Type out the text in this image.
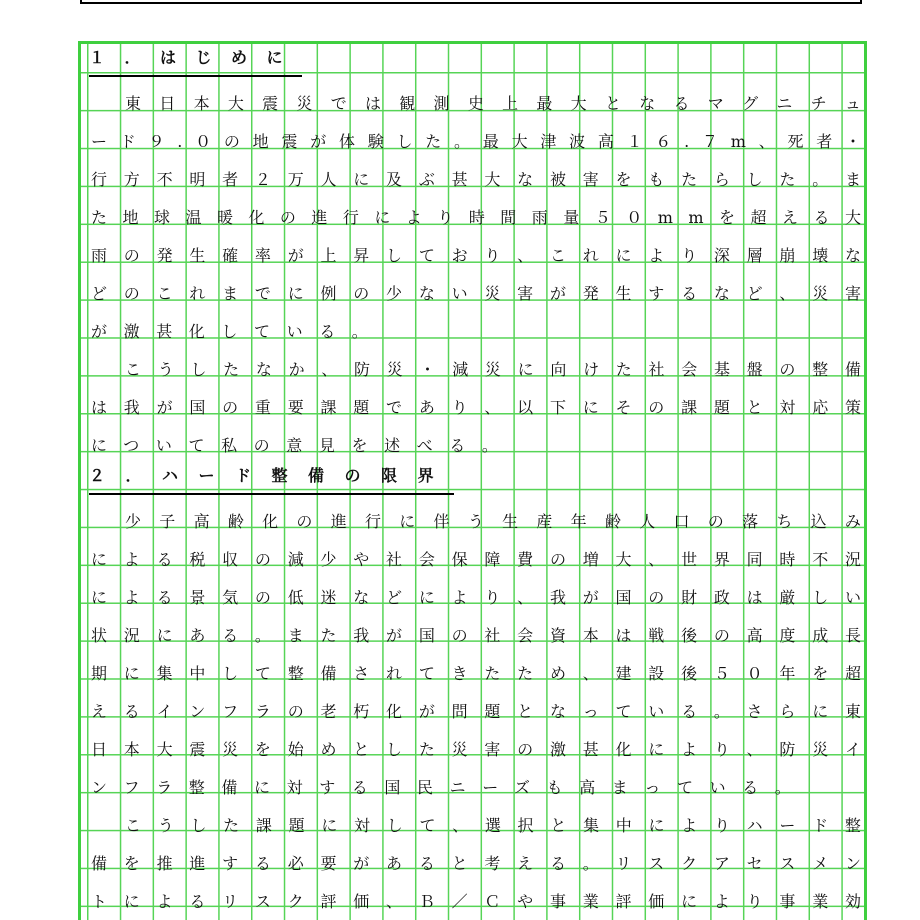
１．はじめに
東 日 本 大 震 災 で は 観 測 史 上 最 大 と な る マ グ ニ チ ュ
ー ド ９ . ０ の 地 震 が 体 験 し た 。 最 大 津 波 高 １ ６ . ７ m 、 死 者 ・
行 方 不 明 者 ２ 万 人 に 及 ぶ 甚 大 な 被 害 を も た ら し た 。 ま
た 地 球 温 暖 化 の 進 行 に よ り 時 間 雨 量 ５ ０ m m を 超 え る 大
雨 の 発 生 確 率 が 上 昇 し て お り 、 こ れ に よ り 深 層 崩 壊 な
ど の こ れ ま で に 例 の 少 な い 災 害 が 発 生 す る な ど 、 災 害
が激甚化している。
こ う し た な か 、 防 災 ・ 減 災 に 向 け た 社 会 基 盤 の 整 備
は 我 が 国 の 重 要 課 題 で あ り 、 以 下 に そ の 課 題 と 対 応 策
について私の意見を述べる。
２．ハード整備の限界
少 子 高 齢 化 の 進 行 に 伴 う 生 産 年 齢 人 口 の 落 ち 込 み
に よ る 税 収 の 減 少 や 社 会 保 障 費 の 増 大 、 世 界 同 時 不 況
に よ る 景 気 の 低 迷 な ど に よ り 、 我 が 国 の 財 政 は 厳 し い
状 況 に あ る 。 ま た 我 が 国 の 社 会 資 本 は 戦 後 の 高 度 成 長
期 に 集 中 し て 整 備 さ れ て き た た め 、 建 設 後 ５ ０ 年 を 超
え る イ ン フ ラ の 老 朽 化 が 問 題 と な っ て い る 。 さ ら に 東
日 本 大 震 災 を 始 め と し た 災 害 の 激 甚 化 に よ り 、 防 災 イ
ンフラ整備に対する国民ニーズも高まっている。
こ う し た 課 題 に 対 し て 、 選 択 と 集 中 に よ り ハ ー ド 整
備 を 推 進 す る 必 要 が あ る と 考 え る 。 リ ス ク ア セ ス メ ン
ト に よ る リ ス ク 評 価 、 Ｂ ／ Ｃ や 事 業 評 価 に よ り 事 業 効
